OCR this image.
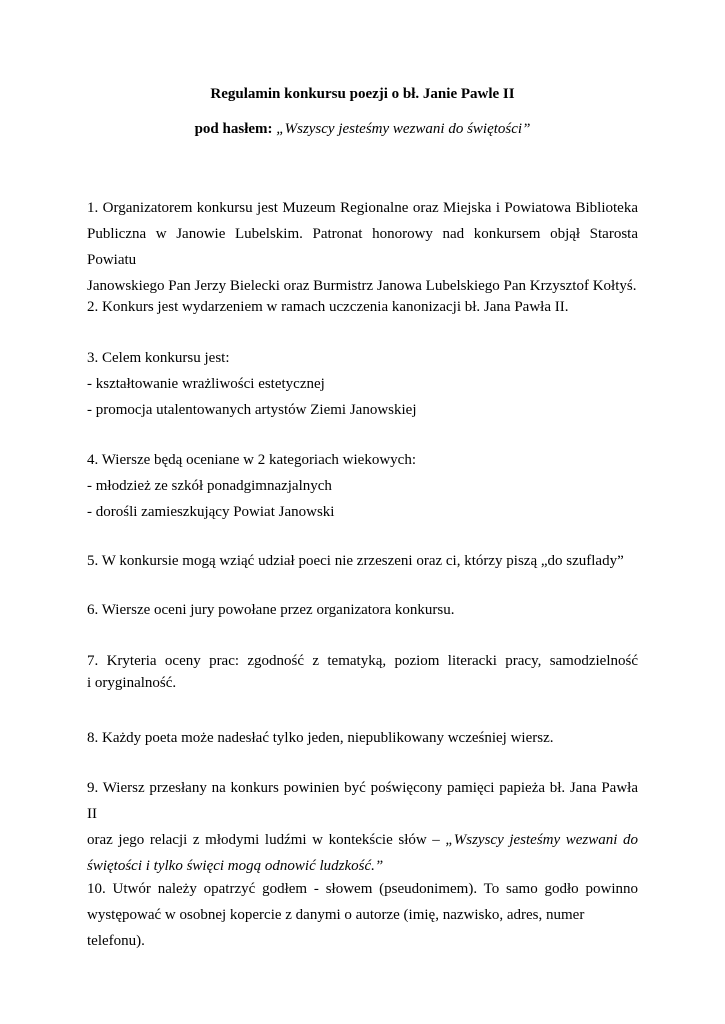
Regulamin konkursu poezji o bł. Janie Pawle II
pod hasłem: „Wszyscy jesteśmy wezwani do świętości”
1. Organizatorem konkursu jest Muzeum Regionalne oraz Miejska i Powiatowa Biblioteka
Publiczna w Janowie Lubelskim. Patronat honorowy nad konkursem objął Starosta Powiatu
Janowskiego Pan Jerzy Bielecki oraz Burmistrz Janowa Lubelskiego Pan Krzysztof Kołtyś.
2. Konkurs jest wydarzeniem w ramach uczczenia kanonizacji bł. Jana Pawła II.
3. Celem konkursu jest:
- kształtowanie wrażliwości estetycznej
- promocja utalentowanych artystów Ziemi Janowskiej
4. Wiersze będą oceniane w 2 kategoriach wiekowych:
- młodzież ze szkół ponadgimnazjalnych
- dorośli zamieszkujący Powiat Janowski
5. W konkursie mogą wziąć udział poeci nie zrzeszeni oraz ci, którzy piszą „do szuflady”
6. Wiersze oceni jury powołane przez organizatora konkursu.
7. Kryteria oceny prac: zgodność z tematyką, poziom literacki pracy, samodzielność
i oryginalność.
8. Każdy poeta może nadesłać tylko jeden, niepublikowany wcześniej wiersz.
9. Wiersz przesłany na konkurs powinien być poświęcony pamięci papieża bł. Jana Pawła II
oraz jego relacji z młodymi ludźmi w kontekście słów – „Wszyscy jesteśmy wezwani do
świętości i tylko święci mogą odnowić ludzkość.”
10. Utwór należy opatrzyć godłem - słowem (pseudonimem). To samo godło powinno
występować w osobnej kopercie z danymi o autorze (imię, nazwisko, adres, numer telefonu).
